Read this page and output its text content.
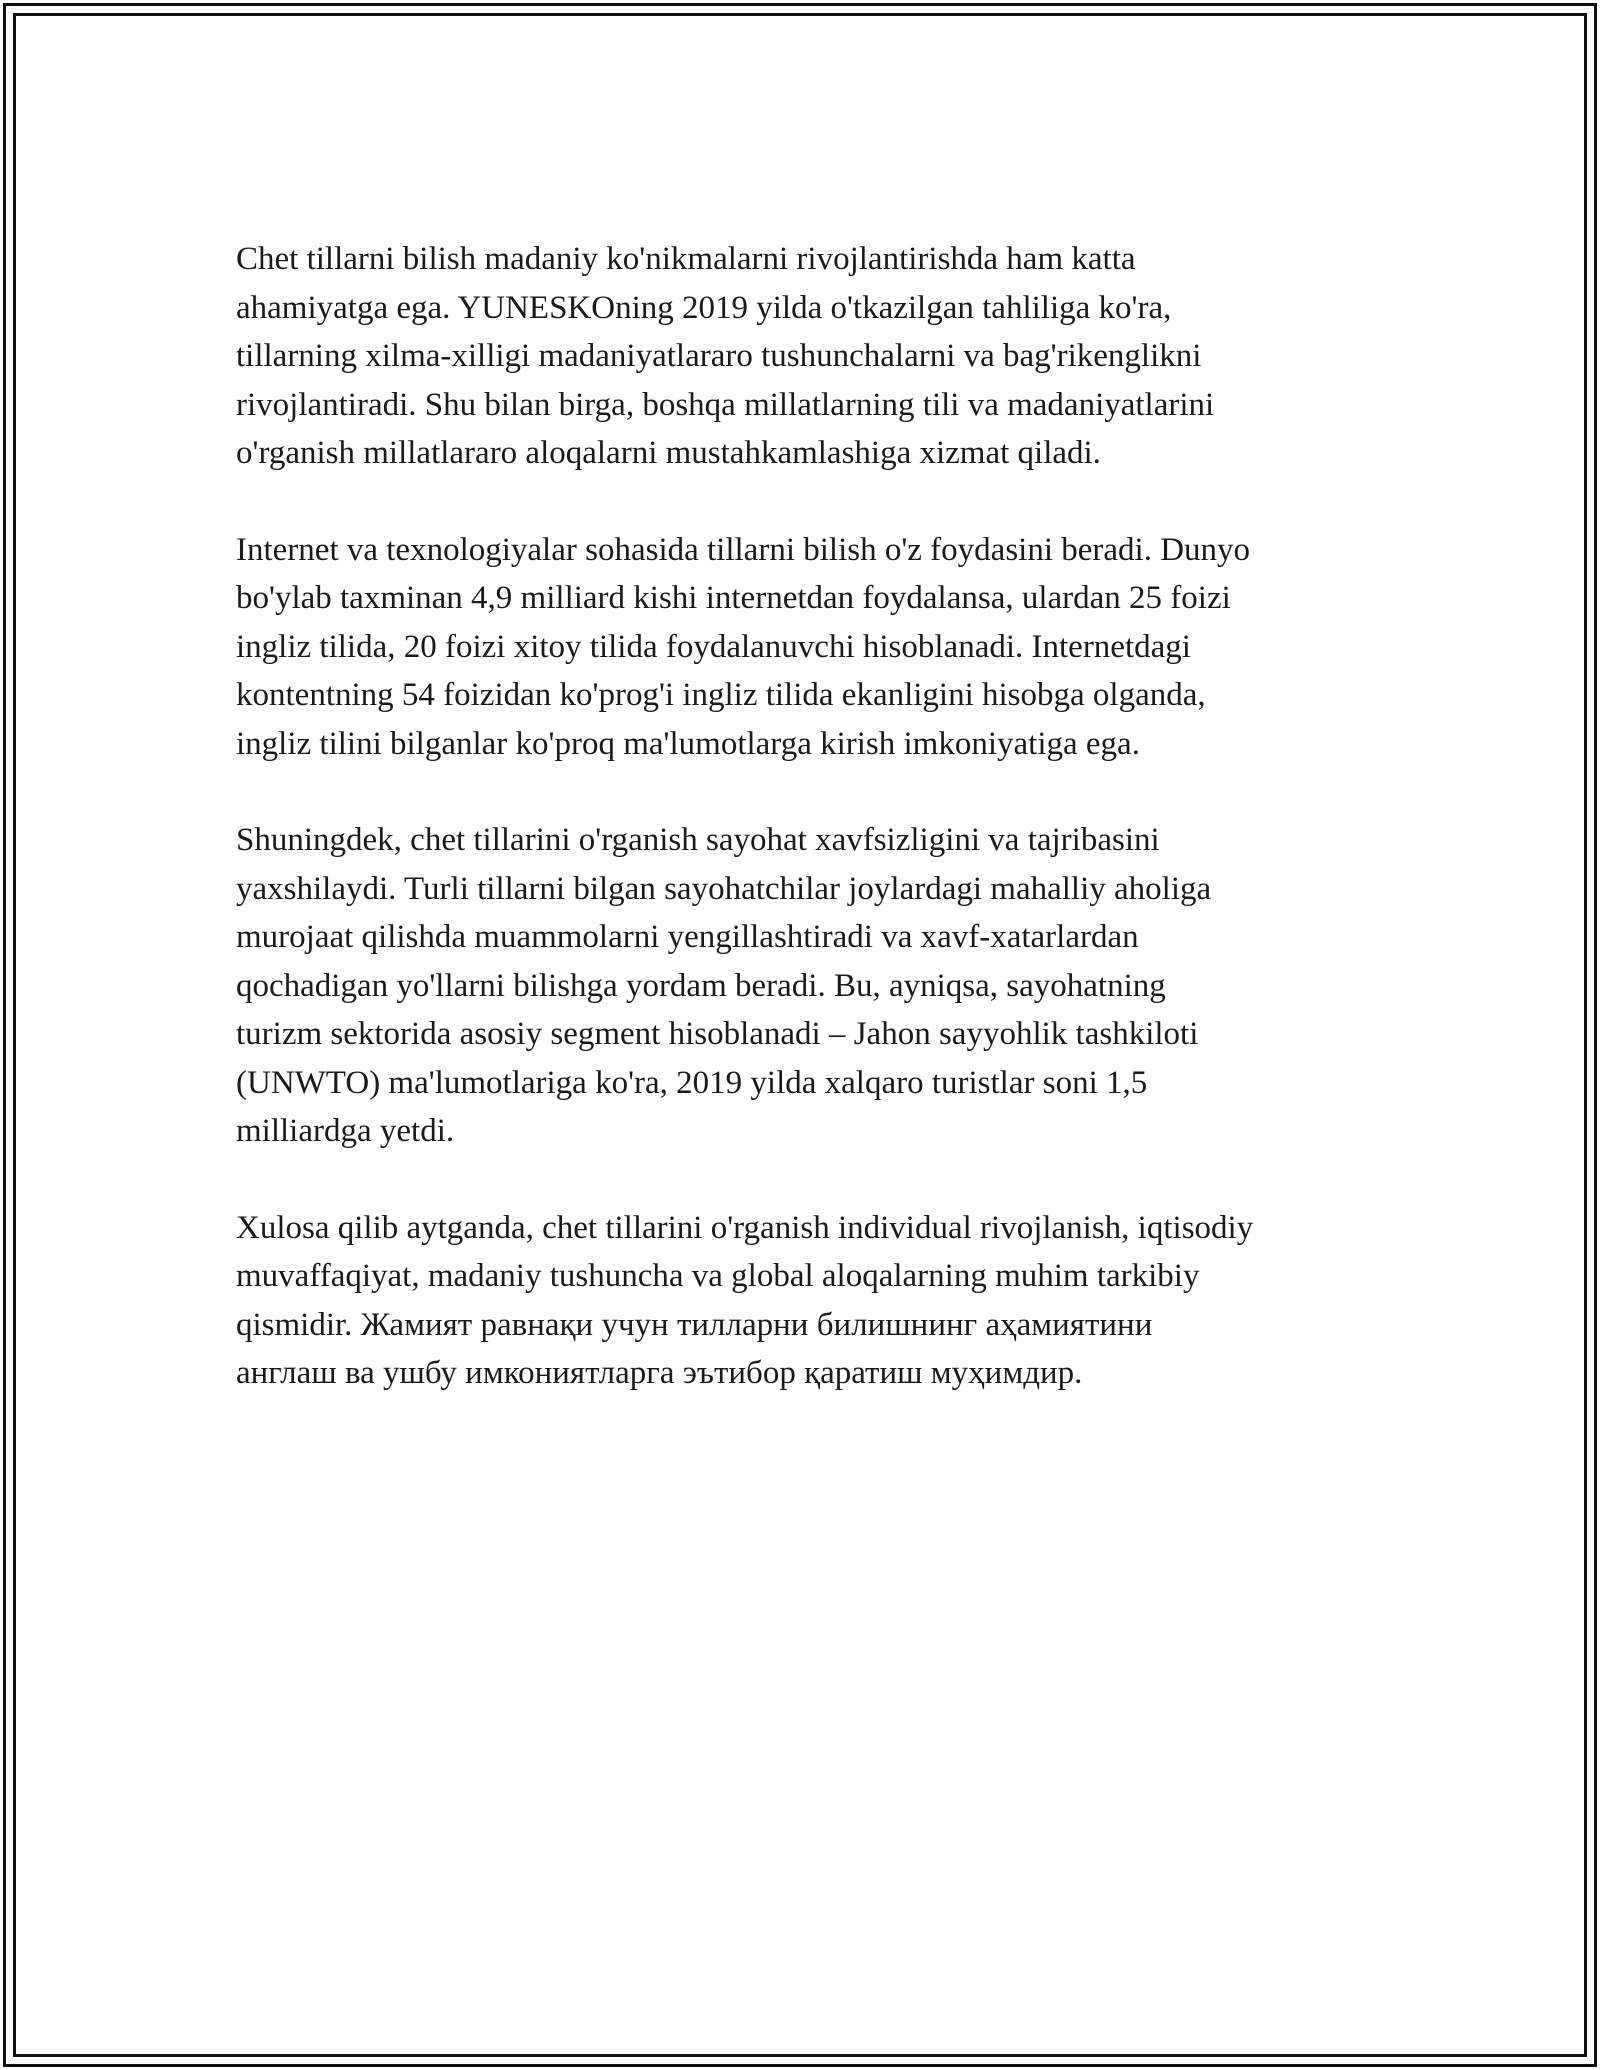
Chet tillarni bilish madaniy ko'nikmalarni rivojlantirishda ham katta
ahamiyatga ega. YUNESKOning 2019 yilda o'tkazilgan tahliliga ko'ra,
tillarning xilma-xilligi madaniyatlararo tushunchalarni va bag'rikenglikni
rivojlantiradi. Shu bilan birga, boshqa millatlarning tili va madaniyatlarini
o'rganish millatlararo aloqalarni mustahkamlashiga xizmat qiladi.

Internet va texnologiyalar sohasida tillarni bilish o'z foydasini beradi. Dunyo
bo'ylab taxminan 4,9 milliard kishi internetdan foydalansa, ulardan 25 foizi
ingliz tilida, 20 foizi xitoy tilida foydalanuvchi hisoblanadi. Internetdagi
kontentning 54 foizidan ko'prog'i ingliz tilida ekanligini hisobga olganda,
ingliz tilini bilganlar ko'proq ma'lumotlarga kirish imkoniyatiga ega.

Shuningdek, chet tillarini o'rganish sayohat xavfsizligini va tajribasini
yaxshilaydi. Turli tillarni bilgan sayohatchilar joylardagi mahalliy aholiga
murojaat qilishda muammolarni yengillashtiradi va xavf-xatarlardan
qochadigan yo'llarni bilishga yordam beradi. Bu, ayniqsa, sayohatning
turizm sektorida asosiy segment hisoblanadi – Jahon sayyohlik tashkiloti
(UNWTO) ma'lumotlariga ko'ra, 2019 yilda xalqaro turistlar soni 1,5
milliardga yetdi.

Xulosa qilib aytganda, chet tillarini o'rganish individual rivojlanish, iqtisodiy
muvaffaqiyat, madaniy tushuncha va global aloqalarning muhim tarkibiy
qismidir. Жамият равнақи учун тилларни билишнинг аҳамиятини
англаш ва ушбу имкониятларга эътибор қаратиш муҳимдир.
